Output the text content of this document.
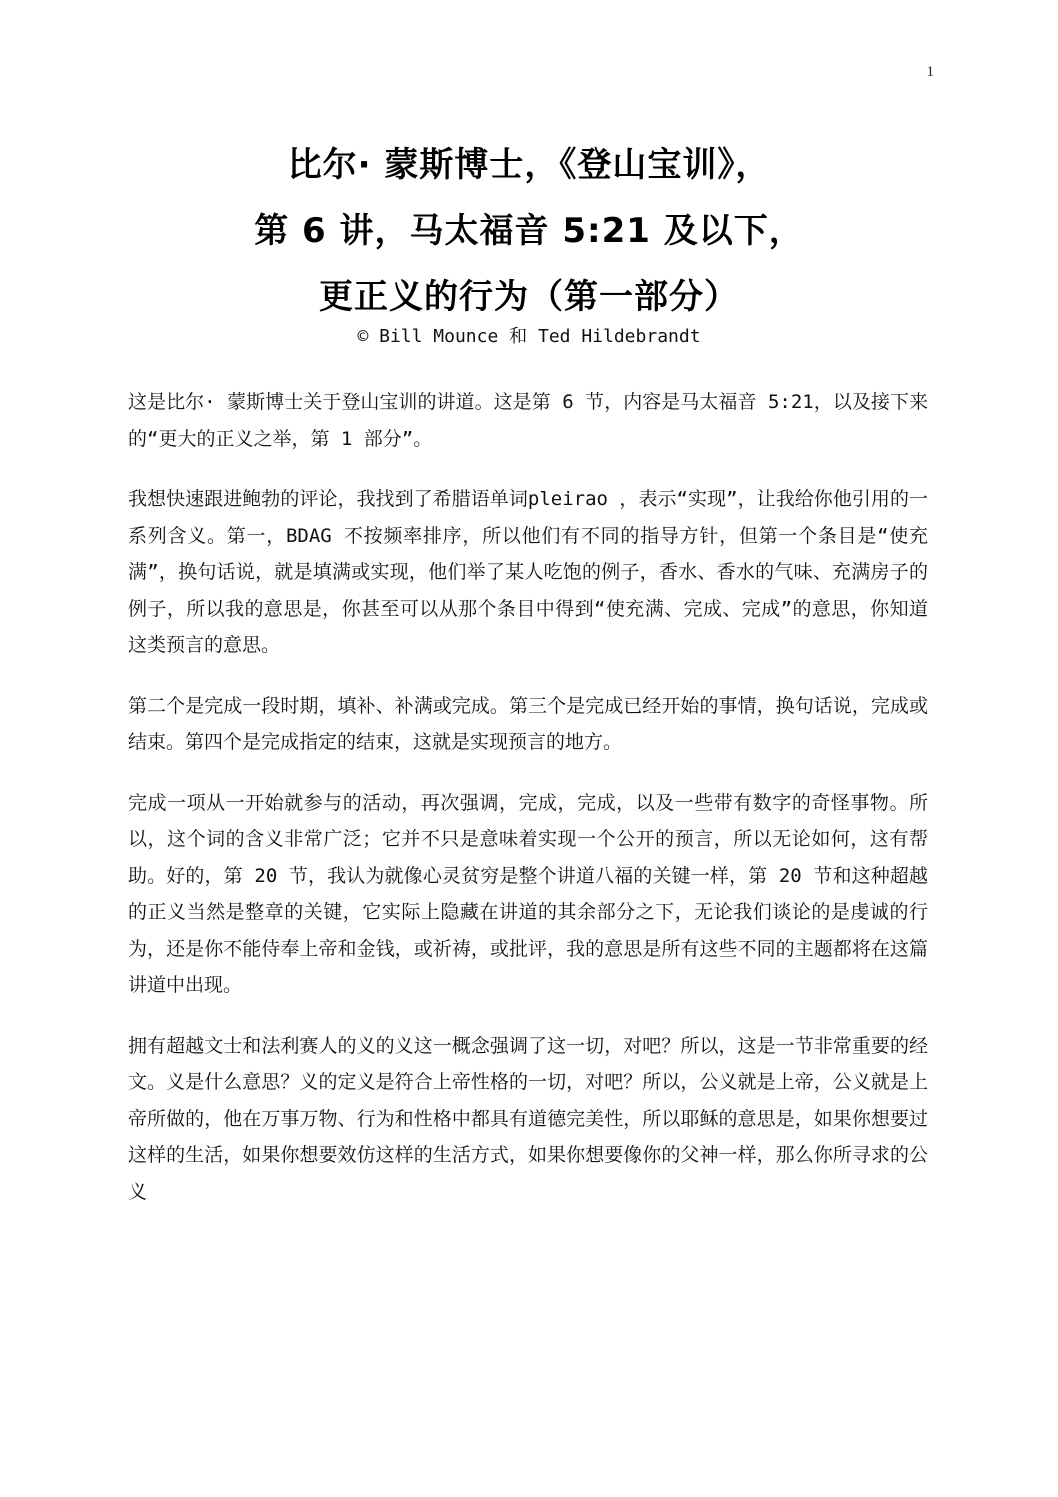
1
比尔· 蒙斯博士，《登山宝训》，
第 6 讲，马太福音 5:21 及以下，
更正义的行为（第一部分）
© Bill Mounce 和 Ted Hildebrandt

这是比尔· 蒙斯博士关于登山宝训的讲道。这是第 6 节，内容是马太福音 5:21，以及接下来的“更大的正义之举，第 1 部分”。

我想快速跟进鲍勃的评论，我找到了希腊语单词pleirao ，表示“实现”，让我给你他引用的一系列含义。第一，BDAG 不按频率排序，所以他们有不同的指导方针，但第一个条目是“使充满”，换句话说，就是填满或实现，他们举了某人吃饱的例子，香水、香水的气味、充满房子的例子，所以我的意思是，你甚至可以从那个条目中得到“使充满、完成、完成”的意思，你知道这类预言的意思。

第二个是完成一段时期，填补、补满或完成。第三个是完成已经开始的事情，换句话说，完成或结束。第四个是完成指定的结束，这就是实现预言的地方。

完成一项从一开始就参与的活动，再次强调，完成，完成，以及一些带有数字的奇怪事物。所以，这个词的含义非常广泛；它并不只是意味着实现一个公开的预言，所以无论如何，这有帮助。好的，第 20 节，我认为就像心灵贫穷是整个讲道八福的关键一样，第 20 节和这种超越的正义当然是整章的关键，它实际上隐藏在讲道的其余部分之下，无论我们谈论的是虔诚的行为，还是你不能侍奉上帝和金钱，或祈祷，或批评，我的意思是所有这些不同的主题都将在这篇讲道中出现。

拥有超越文士和法利赛人的义的义这一概念强调了这一切，对吧？所以，这是一节非常重要的经文。义是什么意思？义的定义是符合上帝性格的一切，对吧？所以，公义就是上帝，公义就是上帝所做的，他在万事万物、行为和性格中都具有道德完美性，所以耶稣的意思是，如果你想要过这样的生活，如果你想要效仿这样的生活方式，如果你想要像你的父神一样，那么你所寻求的公义
